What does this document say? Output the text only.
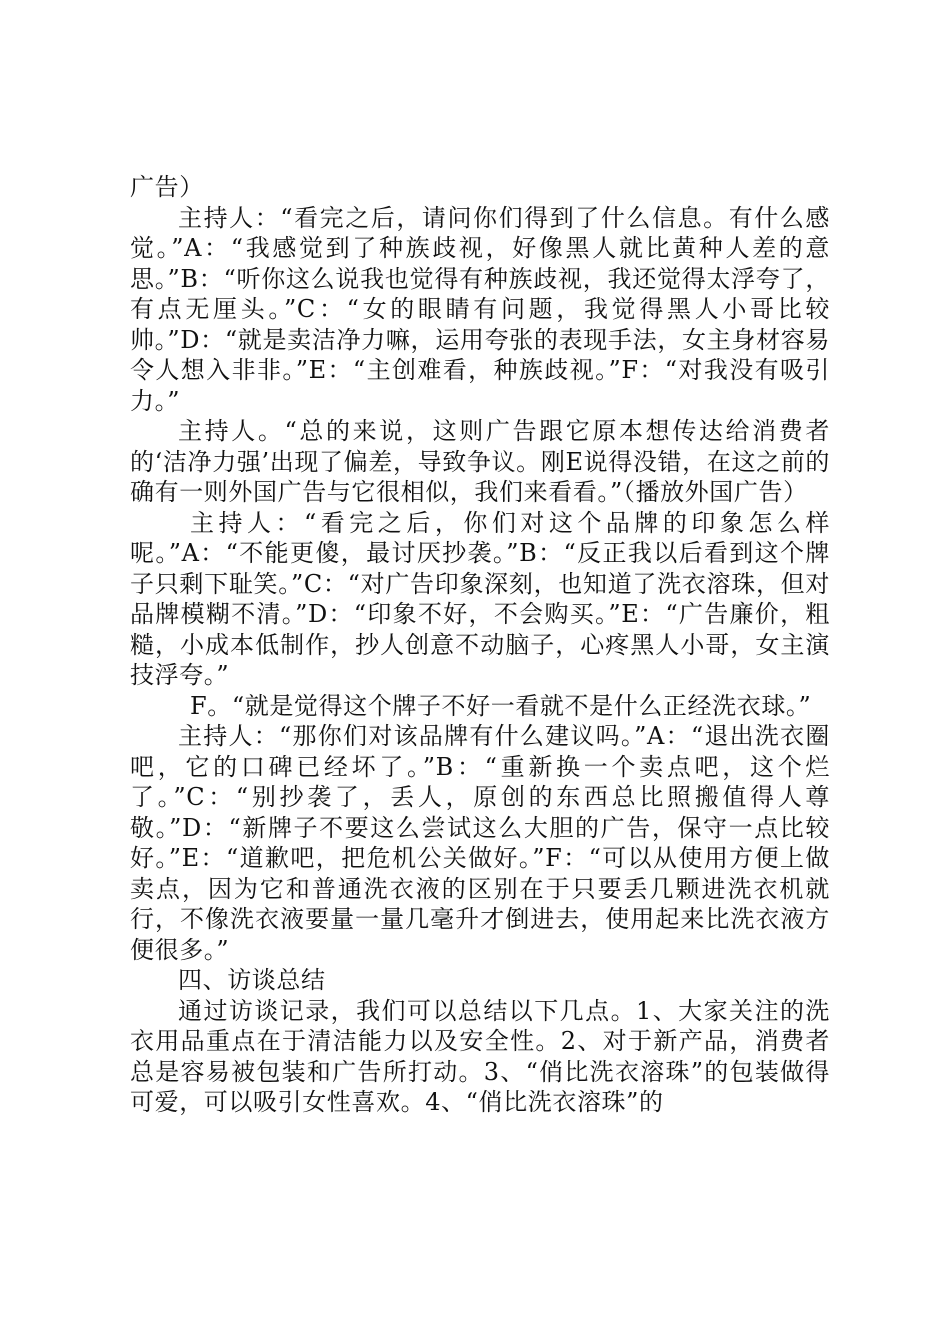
广告）

主持人：“看完之后，请问你们得到了什么信息。有什么感觉。”A：“我感觉到了种族歧视，好像黑人就比黄种人差的意思。”B：“听你这么说我也觉得有种族歧视，我还觉得太浮夸了，有点无厘头。”C：“女的眼睛有问题，我觉得黑人小哥比较帅。”D：“就是卖洁净力嘛，运用夸张的表现手法，女主身材容易令人想入非非。”E：“主创难看，种族歧视。”F：“对我没有吸引力。”

主持人。“总的来说，这则广告跟它原本想传达给消费者的‘洁净力强’出现了偏差，导致争议。刚E说得没错，在这之前的确有一则外国广告与它很相似，我们来看看。”（播放外国广告）

主持人：“看完之后，你们对这个品牌的印象怎么样呢。”A：“不能更傻，最讨厌抄袭。”B：“反正我以后看到这个牌子只剩下耻笑。”C：“对广告印象深刻，也知道了洗衣溶珠，但对品牌模糊不清。”D：“印象不好，不会购买。”E：“广告廉价，粗糙，小成本低制作，抄人创意不动脑子，心疼黑人小哥，女主演技浮夸。”

F。“就是觉得这个牌子不好一看就不是什么正经洗衣球。”

主持人：“那你们对该品牌有什么建议吗。”A：“退出洗衣圈吧，它的口碑已经坏了。”B：“重新换一个卖点吧，这个烂了。”C：“别抄袭了，丢人，原创的东西总比照搬值得人尊敬。”D：“新牌子不要这么尝试这么大胆的广告，保守一点比较好。”E：“道歉吧，把危机公关做好。”F：“可以从使用方便上做卖点，因为它和普通洗衣液的区别在于只要丢几颗进洗衣机就行，不像洗衣液要量一量几毫升才倒进去，使用起来比洗衣液方便很多。”

四、访谈总结

通过访谈记录，我们可以总结以下几点。1、大家关注的洗衣用品重点在于清洁能力以及安全性。2、对于新产品，消费者总是容易被包装和广告所打动。3、“俏比洗衣溶珠”的包装做得可爱，可以吸引女性喜欢。4、“俏比洗衣溶珠”的
